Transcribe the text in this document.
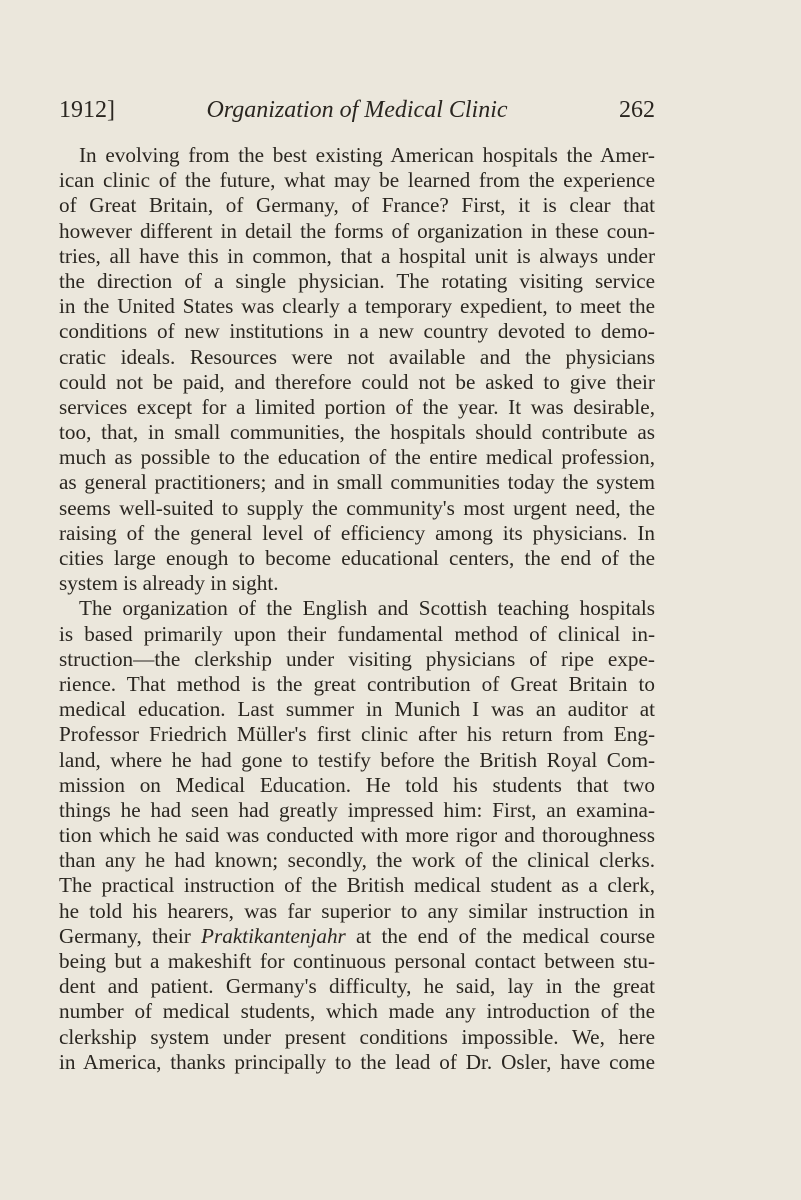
1912]	Organization of Medical Clinic	262
In evolving from the best existing American hospitals the Amer-
ican clinic of the future, what may be learned from the experience
of Great Britain, of Germany, of France? First, it is clear that
however different in detail the forms of organization in these coun-
tries, all have this in common, that a hospital unit is always under
the direction of a single physician. The rotating visiting service
in the United States was clearly a temporary expedient, to meet the
conditions of new institutions in a new country devoted to demo-
cratic ideals. Resources were not available and the physicians
could not be paid, and therefore could not be asked to give their
services except for a limited portion of the year. It was desirable,
too, that, in small communities, the hospitals should contribute as
much as possible to the education of the entire medical profession,
as general practitioners; and in small communities today the system
seems well-suited to supply the community's most urgent need, the
raising of the general level of efficiency among its physicians. In
cities large enough to become educational centers, the end of the
system is already in sight.
The organization of the English and Scottish teaching hospitals
is based primarily upon their fundamental method of clinical in-
struction—the clerkship under visiting physicians of ripe expe-
rience. That method is the great contribution of Great Britain to
medical education. Last summer in Munich I was an auditor at
Professor Friedrich Müller's first clinic after his return from Eng-
land, where he had gone to testify before the British Royal Com-
mission on Medical Education. He told his students that two
things he had seen had greatly impressed him: First, an examina-
tion which he said was conducted with more rigor and thoroughness
than any he had known; secondly, the work of the clinical clerks.
The practical instruction of the British medical student as a clerk,
he told his hearers, was far superior to any similar instruction in
Germany, their Praktikantenjahr at the end of the medical course
being but a makeshift for continuous personal contact between stu-
dent and patient. Germany's difficulty, he said, lay in the great
number of medical students, which made any introduction of the
clerkship system under present conditions impossible. We, here
in America, thanks principally to the lead of Dr. Osler, have come
